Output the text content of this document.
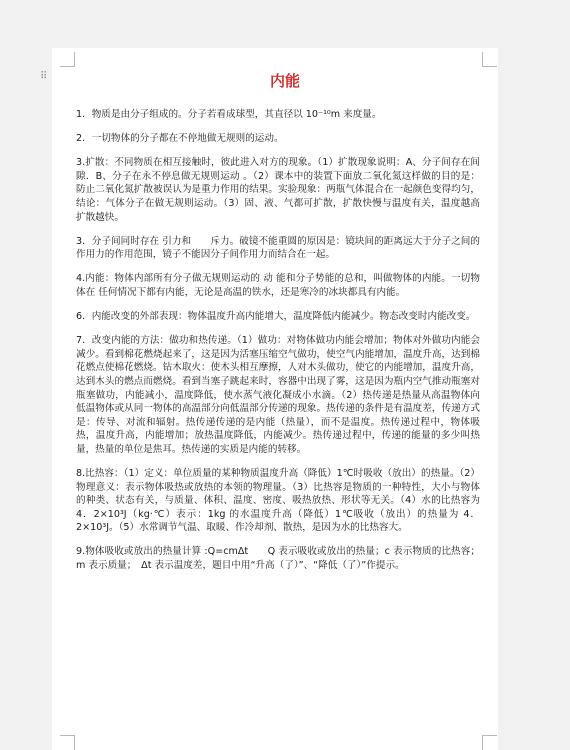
⠿	内能

1．物质是由分子组成的。分子若看成球型，其直径以 10⁻¹⁰m 来度量。

2．一切物体的分子都在不停地做无规则的运动。

3.扩散：不同物质在相互接触时，彼此进入对方的现象。（1）扩散现象说明：A、分子间存在间隙．B、分子在永不停息做无规则运动 。（2）课本中的装置下面放二氧化氮这样做的目的是：防止二氧化氮扩散被误认为是重力作用的结果。实验现象：两瓶气体混合在一起颜色变得均匀，结论：气体分子在做无规则运动。（3）固、液、气都可扩散，扩散快慢与温度有关，温度越高扩散越快。

3．分子间同时存在 引力和　　斥力。破镜不能重圆的原因是：镜块间的距离远大于分子之间的作用力的作用范围，镜子不能因分子间作用力而结合在一起。

4.内能：物体内部所有分子做无规则运动的 动 能和分子势能的总和，叫做物体的内能。一切物体在 任何情况下都有内能，无论是高温的铁水，还是寒冷的冰块都具有内能。

6．内能改变的外部表现：物体温度升高内能增大，温度降低内能减少。物态改变时内能改变。

7．改变内能的方法：做功和热传递。（1）做功：对物体做功内能会增加；物体对外做功内能会减少。看到棉花燃烧起来了，这是因为活塞压缩空气做功，使空气内能增加，温度升高，达到棉花燃点使棉花燃烧。钻木取火：使木头相互摩擦，人对木头做功，使它的内能增加，温度升高，达到木头的燃点而燃烧。看到当塞子跳起来时，容器中出现了雾，这是因为瓶内空气推动瓶塞对瓶塞做功，内能减小，温度降低，使水蒸气液化凝成小水滴。（2）热传递是热量从高温物体向低温物体或从同一物体的高温部分向低温部分传递的现象。热传递的条件是有温度差，传递方式是：传导、对流和辐射。热传递传递的是内能（热量），而不是温度。热传递过程中，物体吸热，温度升高，内能增加；放热温度降低，内能减少。热传递过程中，传递的能量的多少叫热量，热量的单位是焦耳。热传递的实质是内能的转移。

8.比热容：（1）定义：单位质量的某种物质温度升高（降低）1℃时吸收（放出）的热量。（2）物理意义：表示物体吸热或放热的本领的物理量。（3）比热容是物质的一种特性，大小与物体的种类、状态有关，与质量、体积、温度、密度、吸热放热、形状等无关。（4）水的比热容为 4．2×10³J（kg·℃）表示：1kg 的水温度升高（降低）1℃吸收（放出）的热量为 4．2×10³J。（5）水常调节气温、取暖、作冷却剂、散热，是因为水的比热容大。

9.物体吸收或放出的热量计算 :Q=cmΔt　　Q 表示吸收或放出的热量；c 表示物质的比热容；m 表示质量；　Δt 表示温度差，题目中用“升高（了）”、“降低（了）”作提示。
